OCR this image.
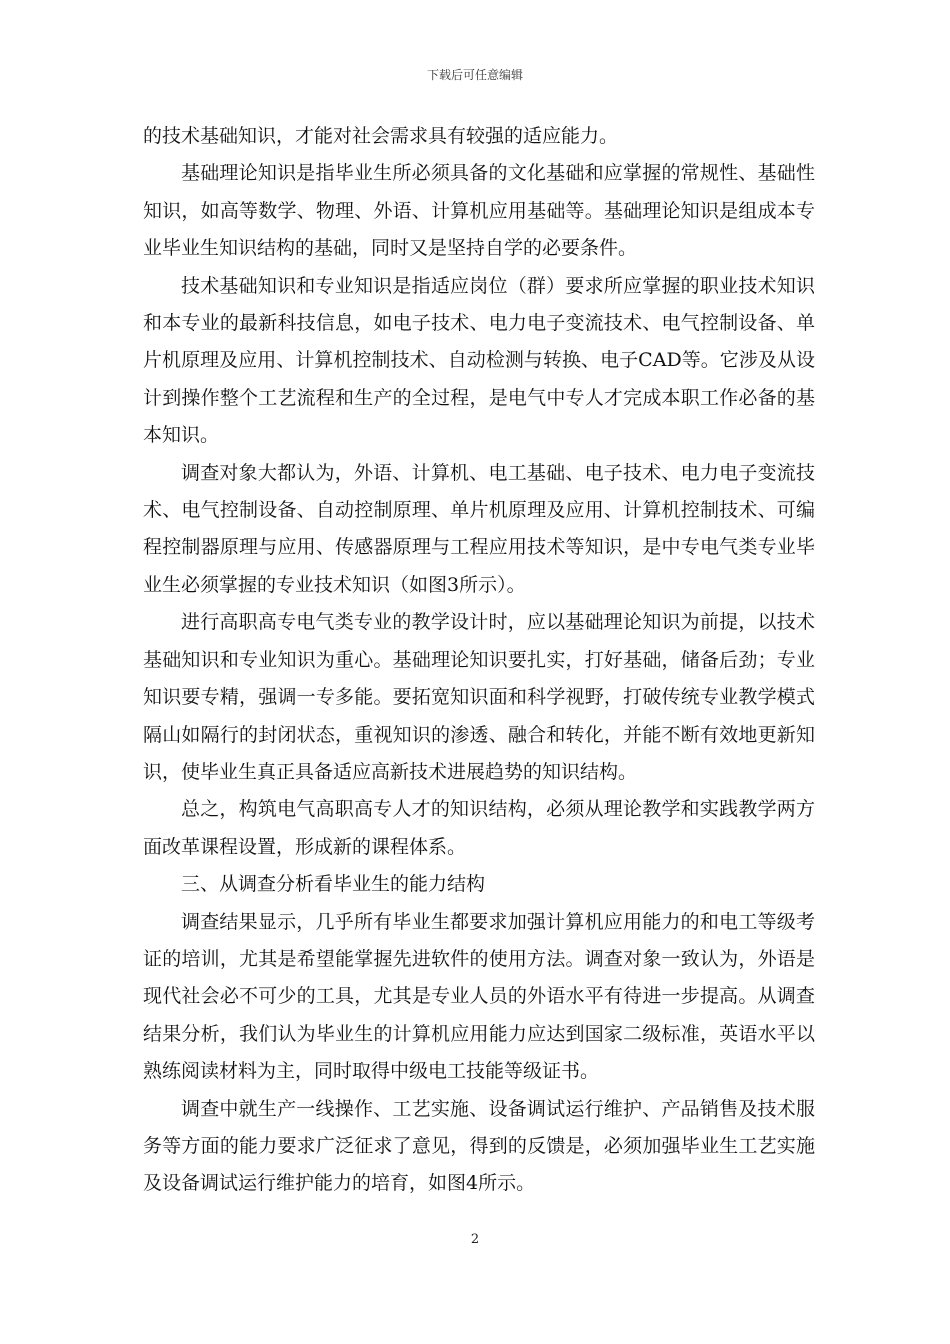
下载后可任意编辑

的技术基础知识，才能对社会需求具有较强的适应能力。

基础理论知识是指毕业生所必须具备的文化基础和应掌握的常规性、基础性知识，如高等数学、物理、外语、计算机应用基础等。基础理论知识是组成本专业毕业生知识结构的基础，同时又是坚持自学的必要条件。

技术基础知识和专业知识是指适应岗位（群）要求所应掌握的职业技术知识和本专业的最新科技信息，如电子技术、电力电子变流技术、电气控制设备、单片机原理及应用、计算机控制技术、自动检测与转换、电子CAD等。它涉及从设计到操作整个工艺流程和生产的全过程，是电气中专人才完成本职工作必备的基本知识。

调查对象大都认为，外语、计算机、电工基础、电子技术、电力电子变流技术、电气控制设备、自动控制原理、单片机原理及应用、计算机控制技术、可编程控制器原理与应用、传感器原理与工程应用技术等知识，是中专电气类专业毕业生必须掌握的专业技术知识（如图3所示）。

进行高职高专电气类专业的教学设计时，应以基础理论知识为前提，以技术基础知识和专业知识为重心。基础理论知识要扎实，打好基础，储备后劲；专业知识要专精，强调一专多能。要拓宽知识面和科学视野，打破传统专业教学模式隔山如隔行的封闭状态，重视知识的渗透、融合和转化，并能不断有效地更新知识，使毕业生真正具备适应高新技术进展趋势的知识结构。

总之，构筑电气高职高专人才的知识结构，必须从理论教学和实践教学两方面改革课程设置，形成新的课程体系。

三、从调查分析看毕业生的能力结构

调查结果显示，几乎所有毕业生都要求加强计算机应用能力的和电工等级考证的培训，尤其是希望能掌握先进软件的使用方法。调查对象一致认为，外语是现代社会必不可少的工具，尤其是专业人员的外语水平有待进一步提高。从调查结果分析，我们认为毕业生的计算机应用能力应达到国家二级标准，英语水平以熟练阅读材料为主，同时取得中级电工技能等级证书。

调查中就生产一线操作、工艺实施、设备调试运行维护、产品销售及技术服务等方面的能力要求广泛征求了意见，得到的反馈是，必须加强毕业生工艺实施及设备调试运行维护能力的培育，如图4所示。

2
